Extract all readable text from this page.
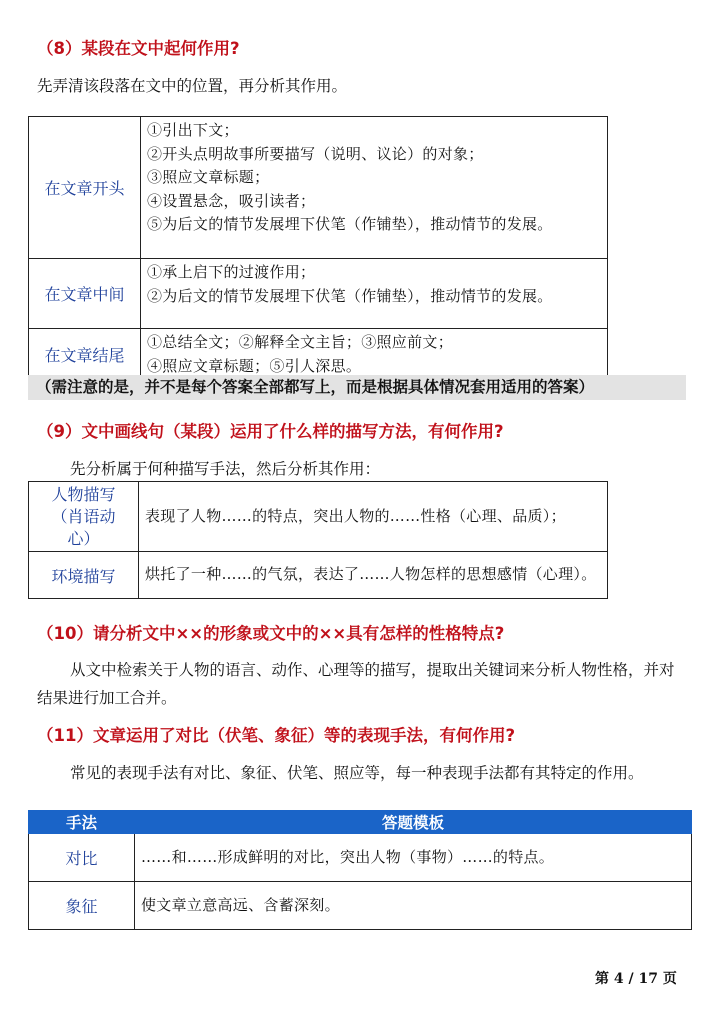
（8）某段在文中起何作用?
先弄清该段落在文中的位置，再分析其作用。
在文章开头	①引出下文；
②开头点明故事所要描写（说明、议论）的对象；
③照应文章标题；
④设置悬念，吸引读者；
⑤为后文的情节发展埋下伏笔（作铺垫），推动情节的发展。

在文章中间	①承上启下的过渡作用；
②为后文的情节发展埋下伏笔（作铺垫），推动情节的发展。

在文章结尾	①总结全文；②解释全文主旨；③照应前文；
④照应文章标题；⑤引人深思。
（需注意的是，并不是每个答案全部都写上，而是根据具体情况套用适用的答案）
（9）文中画线句（某段）运用了什么样的描写方法，有何作用?
先分析属于何种描写手法，然后分析其作用：
人物描写（肖语动心）	表现了人物……的特点，突出人物的……性格（心理、品质）；
环境描写	烘托了一种……的气氛，表达了……人物怎样的思想感情（心理）。
（10）请分析文中××的形象或文中的××具有怎样的性格特点?
从文中检索关于人物的语言、动作、心理等的描写，提取出关键词来分析人物性格，并对结果进行加工合并。
（11）文章运用了对比（伏笔、象征）等的表现手法，有何作用?
常见的表现手法有对比、象征、伏笔、照应等，每一种表现手法都有其特定的作用。
手法	答题模板
对比	……和……形成鲜明的对比，突出人物（事物）……的特点。
象征	使文章立意高远、含蓄深刻。
第 4 / 17 页
